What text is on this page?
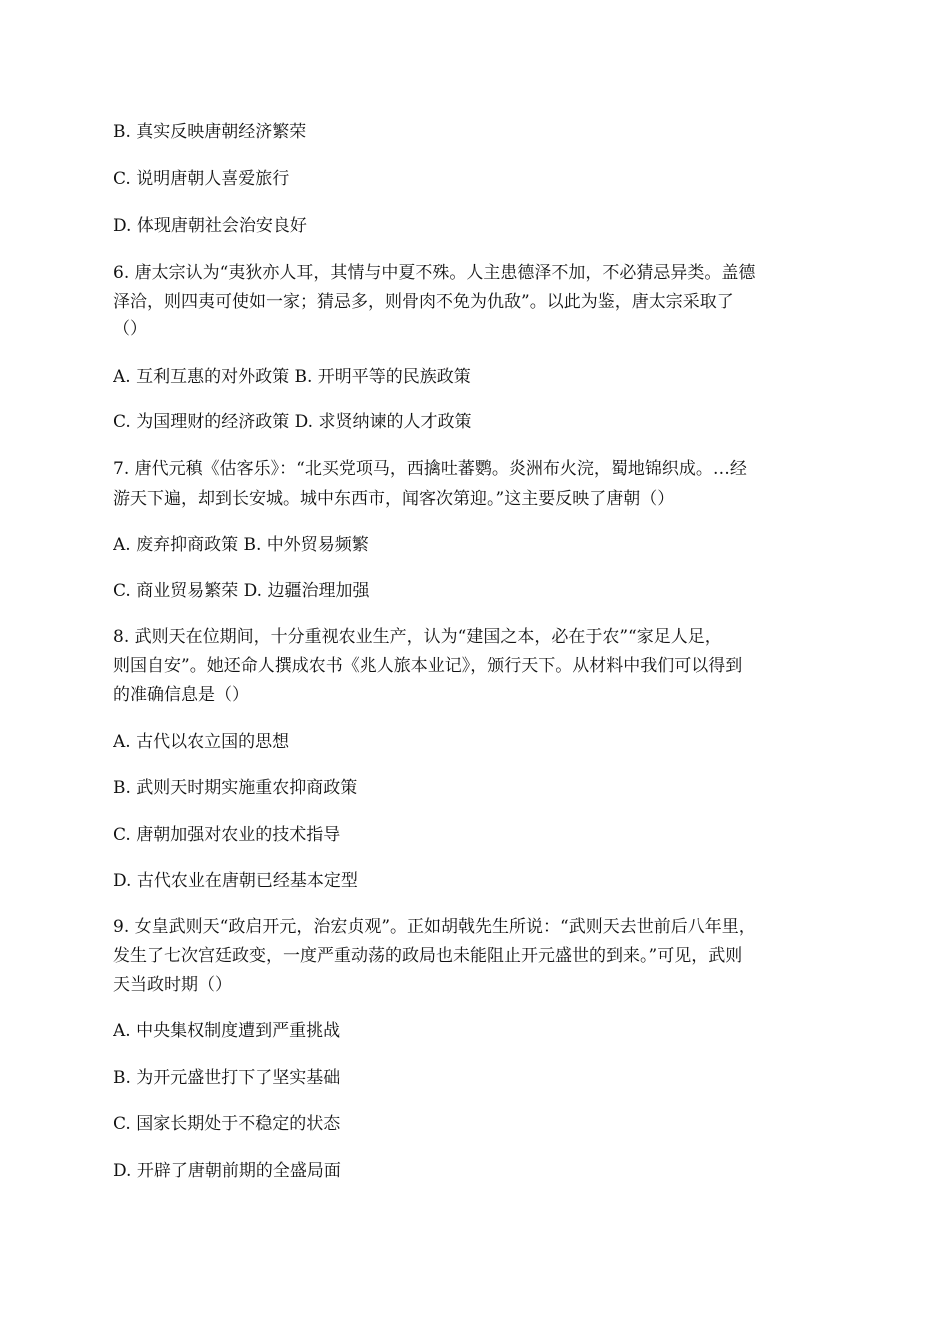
B. 真实反映唐朝经济繁荣
C. 说明唐朝人喜爱旅行
D. 体现唐朝社会治安良好
6. 唐太宗认为“夷狄亦人耳，其情与中夏不殊。人主患德泽不加，不必猜忌异类。盖德
泽洽，则四夷可使如一家；猜忌多，则骨肉不免为仇敌”。以此为鉴，唐太宗采取了
（）
A. 互利互惠的对外政策 B. 开明平等的民族政策
C. 为国理财的经济政策 D. 求贤纳谏的人才政策
7. 唐代元稹《估客乐》：“北买党项马，西擒吐蕃鹦。炎洲布火浣，蜀地锦织成。…经
游天下遍，却到长安城。城中东西市，闻客次第迎。”这主要反映了唐朝（）
A. 废弃抑商政策 B. 中外贸易频繁
C. 商业贸易繁荣 D. 边疆治理加强
8. 武则天在位期间，十分重视农业生产，认为“建国之本，必在于农”“家足人足，
则国自安”。她还命人撰成农书《兆人旅本业记》，颁行天下。从材料中我们可以得到
的准确信息是（）
A. 古代以农立国的思想
B. 武则天时期实施重农抑商政策
C. 唐朝加强对农业的技术指导
D. 古代农业在唐朝已经基本定型
9. 女皇武则天“政启开元，治宏贞观”。正如胡戟先生所说：“武则天去世前后八年里，
发生了七次宫廷政变，一度严重动荡的政局也未能阻止开元盛世的到来。”可见，武则
天当政时期（）
A. 中央集权制度遭到严重挑战
B. 为开元盛世打下了坚实基础
C. 国家长期处于不稳定的状态
D. 开辟了唐朝前期的全盛局面
